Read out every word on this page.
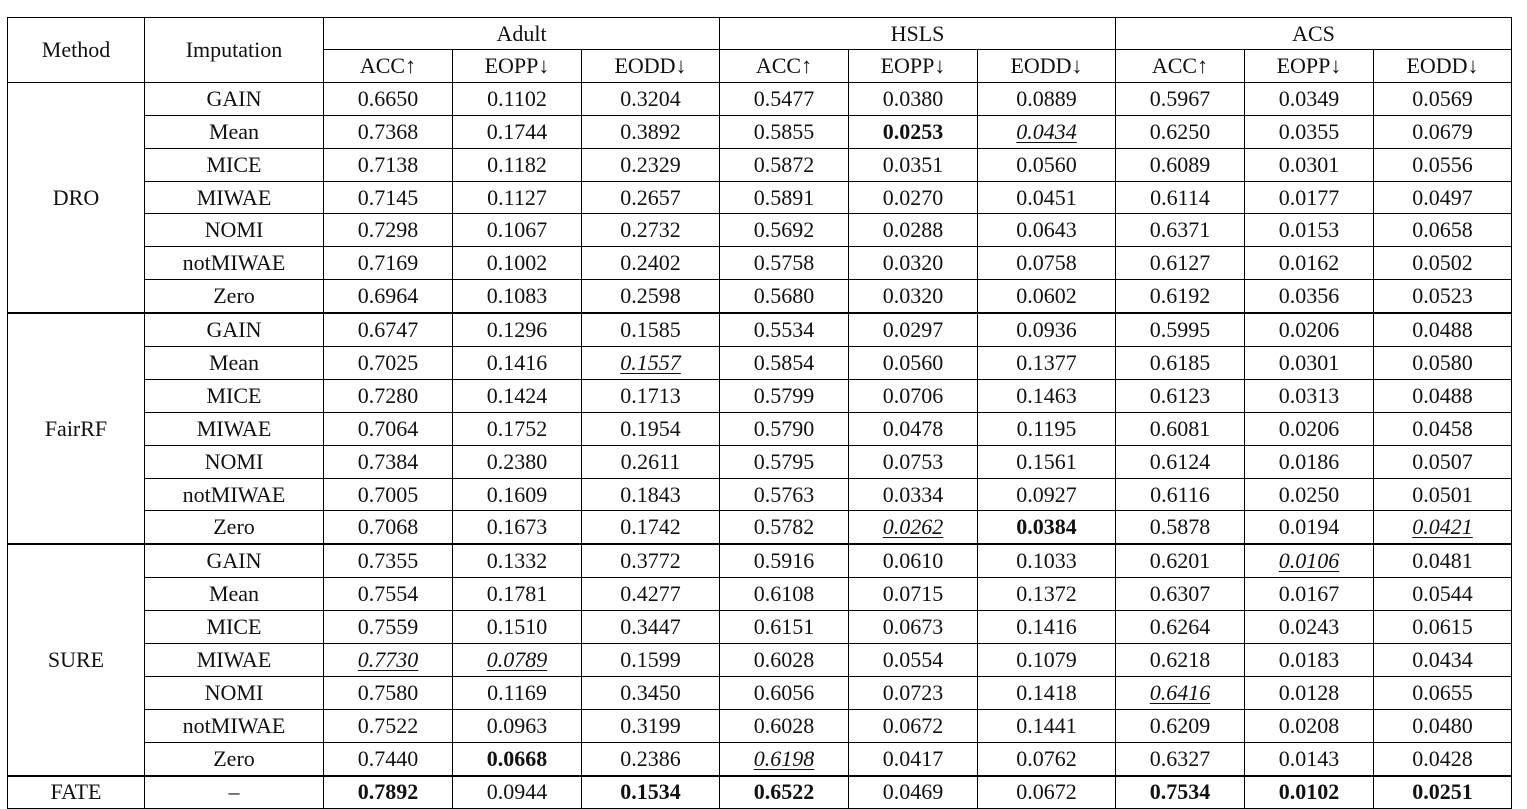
Method	Imputation	Adult			HSLS			ACS		
		ACC↑	EOPP↓	EODD↓	ACC↑	EOPP↓	EODD↓	ACC↑	EOPP↓	EODD↓
DRO	GAIN	0.6650	0.1102	0.3204	0.5477	0.0380	0.0889	0.5967	0.0349	0.0569
	Mean	0.7368	0.1744	0.3892	0.5855	0.0253	0.0434	0.6250	0.0355	0.0679
	MICE	0.7138	0.1182	0.2329	0.5872	0.0351	0.0560	0.6089	0.0301	0.0556
	MIWAE	0.7145	0.1127	0.2657	0.5891	0.0270	0.0451	0.6114	0.0177	0.0497
	NOMI	0.7298	0.1067	0.2732	0.5692	0.0288	0.0643	0.6371	0.0153	0.0658
	notMIWAE	0.7169	0.1002	0.2402	0.5758	0.0320	0.0758	0.6127	0.0162	0.0502
	Zero	0.6964	0.1083	0.2598	0.5680	0.0320	0.0602	0.6192	0.0356	0.0523
FairRF	GAIN	0.6747	0.1296	0.1585	0.5534	0.0297	0.0936	0.5995	0.0206	0.0488
	Mean	0.7025	0.1416	0.1557	0.5854	0.0560	0.1377	0.6185	0.0301	0.0580
	MICE	0.7280	0.1424	0.1713	0.5799	0.0706	0.1463	0.6123	0.0313	0.0488
	MIWAE	0.7064	0.1752	0.1954	0.5790	0.0478	0.1195	0.6081	0.0206	0.0458
	NOMI	0.7384	0.2380	0.2611	0.5795	0.0753	0.1561	0.6124	0.0186	0.0507
	notMIWAE	0.7005	0.1609	0.1843	0.5763	0.0334	0.0927	0.6116	0.0250	0.0501
	Zero	0.7068	0.1673	0.1742	0.5782	0.0262	0.0384	0.5878	0.0194	0.0421
SURE	GAIN	0.7355	0.1332	0.3772	0.5916	0.0610	0.1033	0.6201	0.0106	0.0481
	Mean	0.7554	0.1781	0.4277	0.6108	0.0715	0.1372	0.6307	0.0167	0.0544
	MICE	0.7559	0.1510	0.3447	0.6151	0.0673	0.1416	0.6264	0.0243	0.0615
	MIWAE	0.7730	0.0789	0.1599	0.6028	0.0554	0.1079	0.6218	0.0183	0.0434
	NOMI	0.7580	0.1169	0.3450	0.6056	0.0723	0.1418	0.6416	0.0128	0.0655
	notMIWAE	0.7522	0.0963	0.3199	0.6028	0.0672	0.1441	0.6209	0.0208	0.0480
	Zero	0.7440	0.0668	0.2386	0.6198	0.0417	0.0762	0.6327	0.0143	0.0428
FATE	–	0.7892	0.0944	0.1534	0.6522	0.0469	0.0672	0.7534	0.0102	0.0251
